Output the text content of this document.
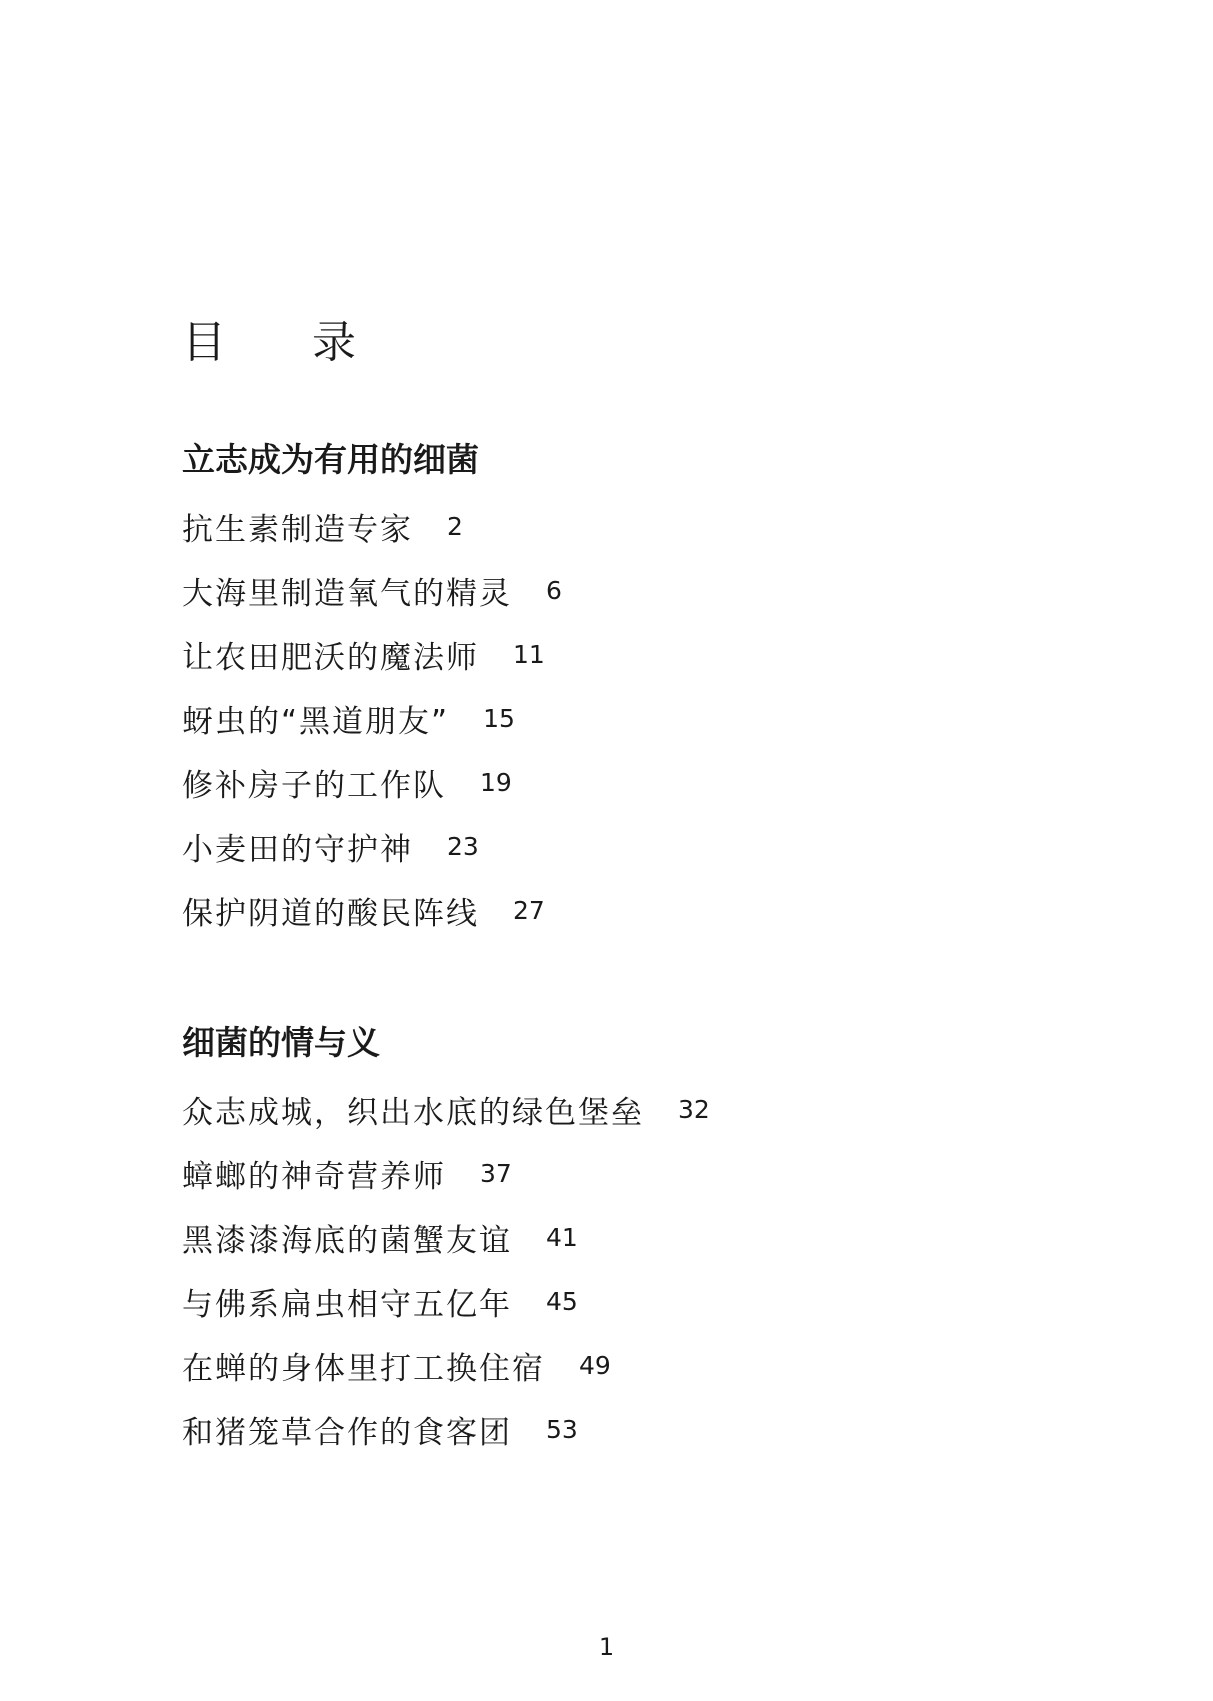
目 录
立志成为有用的细菌
抗生素制造专家 2
大海里制造氧气的精灵 6
让农田肥沃的魔法师 11
蚜虫的“黑道朋友” 15
修补房子的工作队 19
小麦田的守护神 23
保护阴道的酸民阵线 27
细菌的情与义
众志成城，织出水底的绿色堡垒 32
蟑螂的神奇营养师 37
黑漆漆海底的菌蟹友谊 41
与佛系扁虫相守五亿年 45
在蝉的身体里打工换住宿 49
和猪笼草合作的食客团 53
1
